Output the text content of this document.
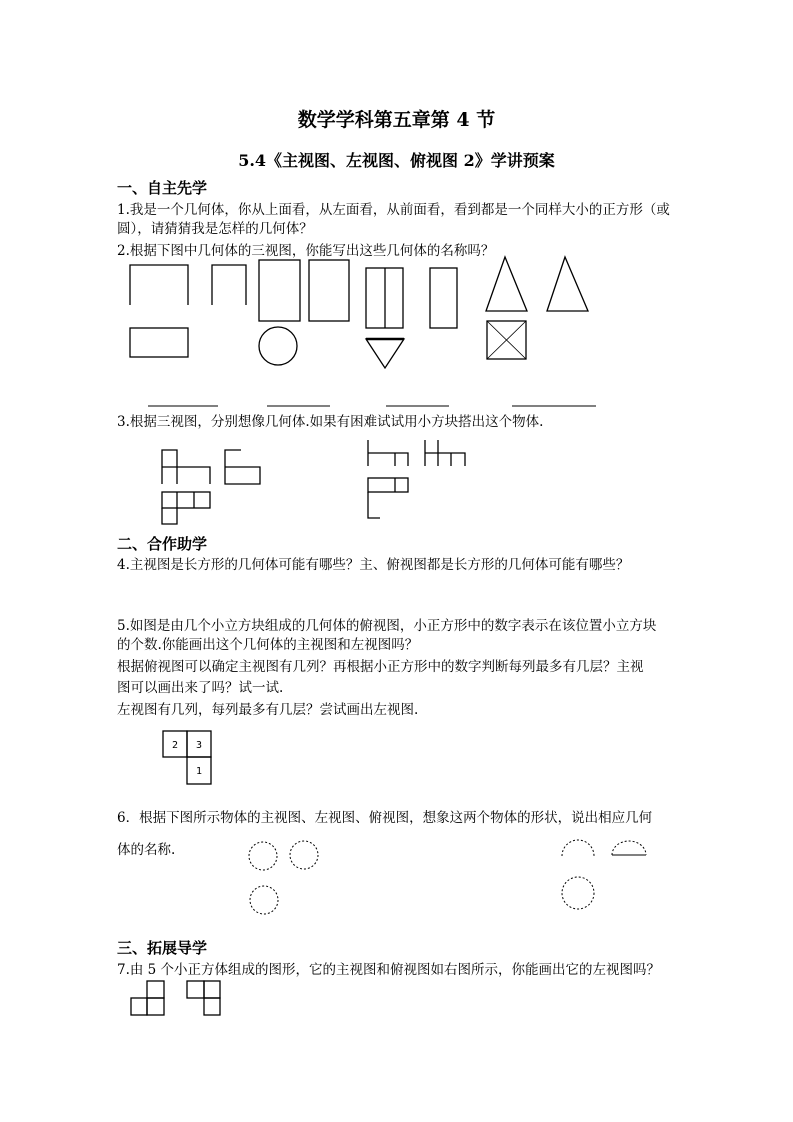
数学学科第五章第 4 节
5.4《主视图、左视图、俯视图 2》学讲预案
一、自主先学
1.我是一个几何体，你从上面看，从左面看，从前面看，看到都是一个同样大小的正方形（或
圆），请猜猜我是怎样的几何体？
2.根据下图中几何体的三视图，你能写出这些几何体的名称吗？
3.根据三视图，分别想像几何体.如果有困难试试用小方块搭出这个物体.
二、合作助学
4.主视图是长方形的几何体可能有哪些？主、俯视图都是长方形的几何体可能有哪些？
5.如图是由几个小立方块组成的几何体的俯视图，小正方形中的数字表示在该位置小立方块
的个数.你能画出这个几何体的主视图和左视图吗？
根据俯视图可以确定主视图有几列？再根据小正方形中的数字判断每列最多有几层？主视
图可以画出来了吗？试一试.
左视图有几列，每列最多有几层？尝试画出左视图.
2 3
1
6．根据下图所示物体的主视图、左视图、俯视图，想象这两个物体的形状，说出相应几何
体的名称.
三、拓展导学
7.由 5 个小正方体组成的图形，它的主视图和俯视图如右图所示，你能画出它的左视图吗？
